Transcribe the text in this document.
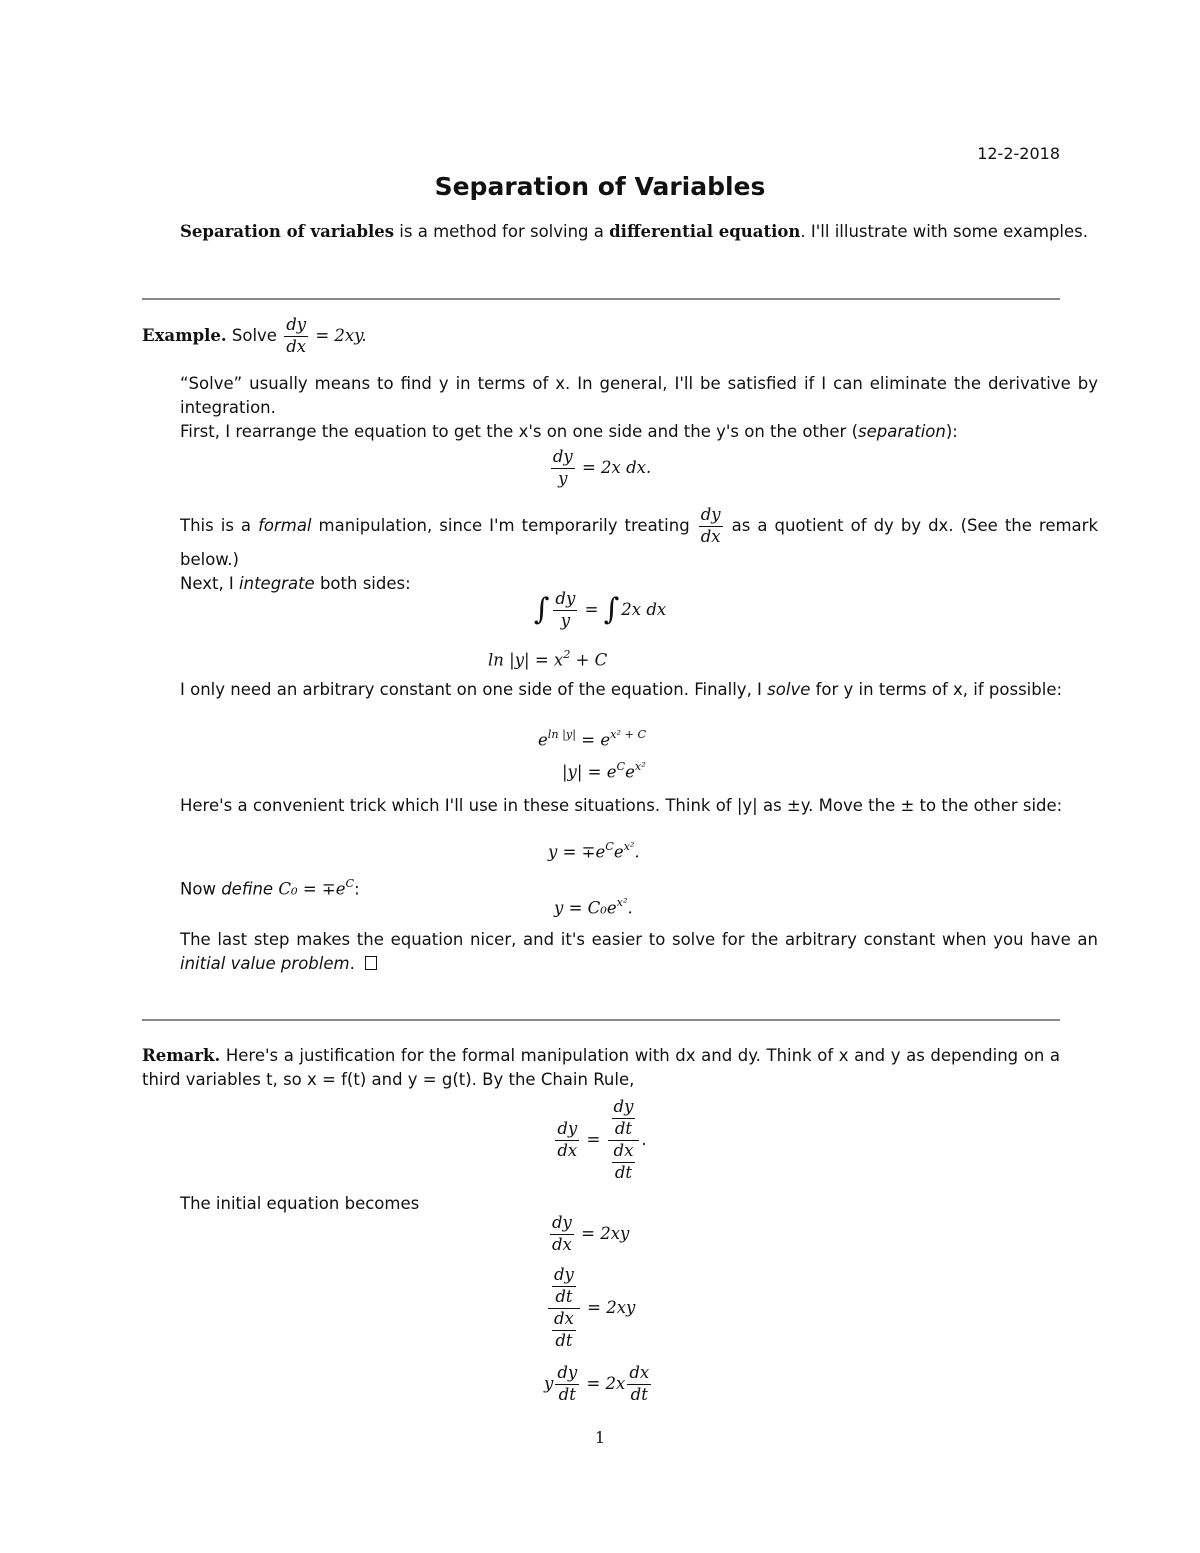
12-2-2018
Separation of Variables
Separation of variables is a method for solving a differential equation. I'll illustrate with some examples.
Example. Solve $\frac{dy}{dx} = 2xy$.
“Solve” usually means to find y in terms of x. In general, I'll be satisfied if I can eliminate the derivative by integration.
First, I rearrange the equation to get the x's on one side and the y's on the other (separation):
$\frac{dy}{y} = 2x$ dx.
This is a formal manipulation, since I'm temporarily treating $\frac{dy}{dx}$ as a quotient of dy by dx. (See the remark below.)
Next, I integrate both sides:
∫ $\frac{dy}{y}$ = ∫ 2x dx
$\ln |y| = x^2 + C$
I only need an arbitrary constant on one side of the equation. Finally, I solve for y in terms of x, if possible:
$e^{ln |y|} = e^{x^2 + C}$
$|y| = e^Ce^{x^2}$
Here's a convenient trick which I'll use in these situations. Think of |y| as ±y. Move the ± to the other side:
$y = \mp e^Ce^{x^2}$.
Now define $C_0 = \mp e^C$:
$y = C_0e^{x^2}$.
The last step makes the equation nicer, and it's easier to solve for the arbitrary constant when you have an initial value problem.
Remark. Here's a justification for the formal manipulation with dx and dy. Think of x and y as depending on a third variables t, so x = f(t) and y = g(t). By the Chain Rule,
$\frac{dy}{dx} = \frac{\frac{dy}{dt}}{\frac{dx}{dt}}$ .
The initial equation becomes
$\frac{dy}{dx} = 2xy$
$\frac{\frac{dy}{dt}}{\frac{dx}{dt}} = 2xy$
y $\frac{dy}{dt} = 2x \frac{dx}{dt}$
1
